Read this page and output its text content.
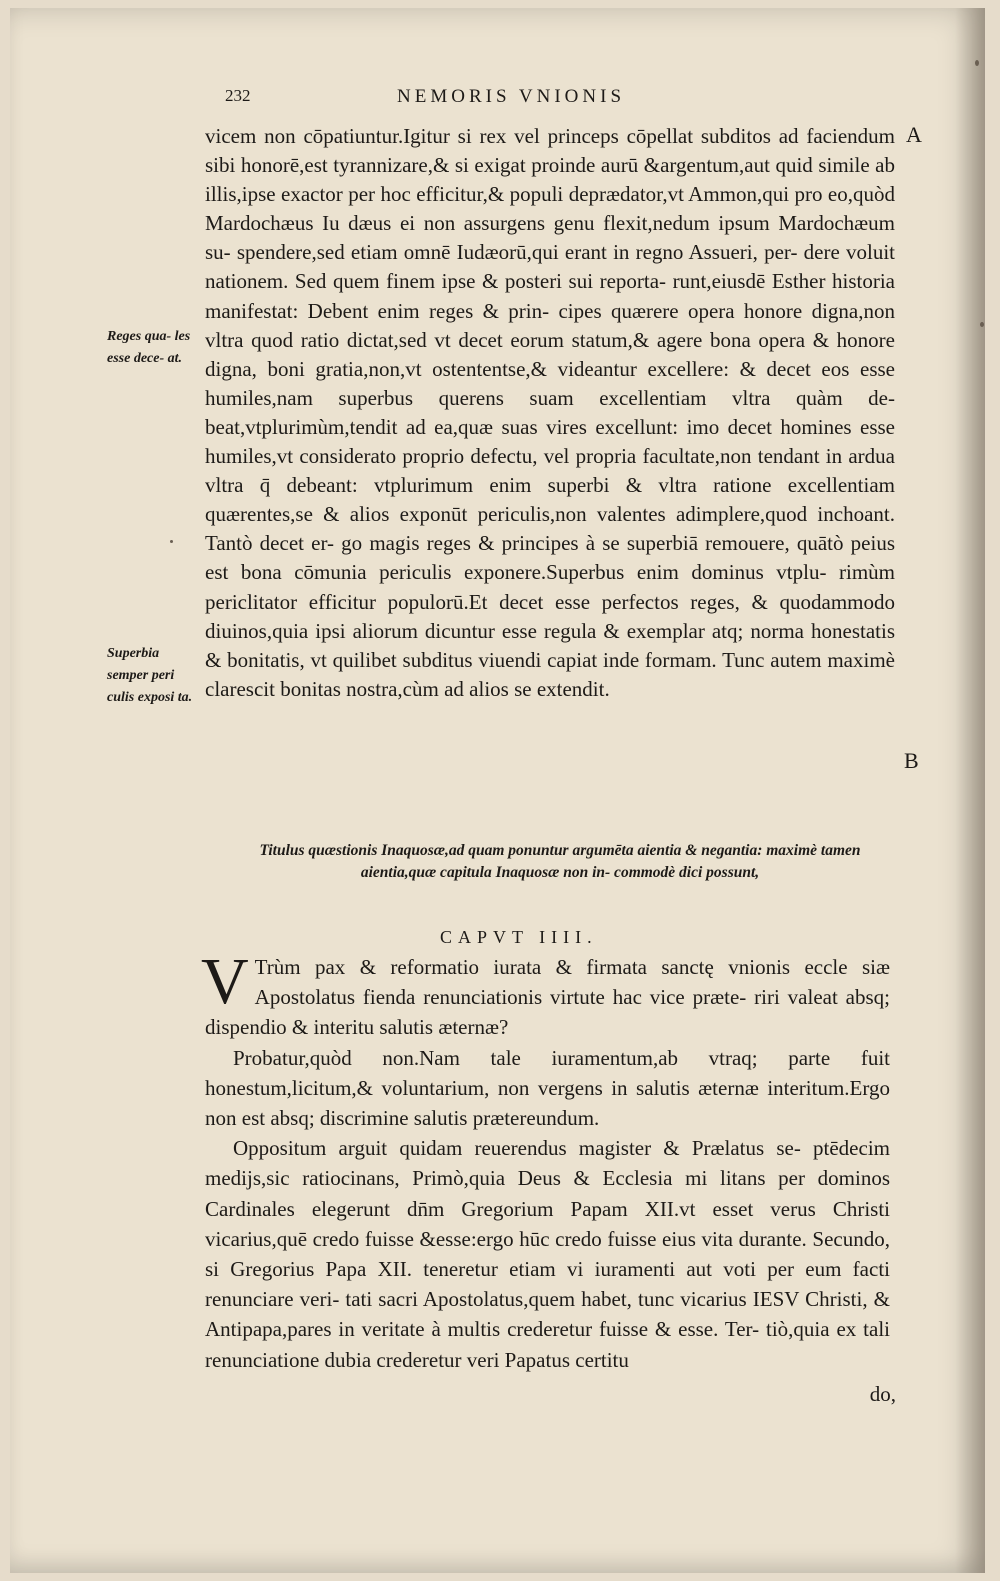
232	NEMORIS VNIONIS
A
B
Reges qua- les esse dece- at.
Superbia semper peri culis exposi ta.

vicem non cōpatiuntur.Igitur si rex vel princeps cōpellat subditos ad faciendum sibi honorē,est tyrannizare,& si exigat proinde aurū &argentum,aut quid simile ab illis,ipse exactor per hoc efficitur,& populi deprædator,vt Ammon,qui pro eo,quòd Mardochæus Iu dæus ei non assurgens genu flexit,nedum ipsum Mardochæum su- spendere,sed etiam omnē Iudæorū,qui erant in regno Assueri, per- dere voluit nationem. Sed quem finem ipse & posteri sui reporta- runt,eiusdē Esther historia manifestat: Debent enim reges & prin- cipes quærere opera honore digna,non vltra quod ratio dictat,sed vt decet eorum statum,& agere bona opera & honore digna, boni gratia,non,vt ostententse,& videantur excellere: & decet eos esse humiles,nam superbus querens suam excellentiam vltra quàm de- beat,vtplurimùm,tendit ad ea,quæ suas vires excellunt: imo decet homines esse humiles,vt considerato proprio defectu, vel propria facultate,non tendant in ardua vltra q̄ debeant: vtplurimum enim superbi & vltra ratione excellentiam quærentes,se & alios exponūt periculis,non valentes adimplere,quod inchoant. Tantò decet er- go magis reges & principes à se superbiā remouere, quātò peius est bona cōmunia periculis exponere.Superbus enim dominus vtplu- rimùm periclitator efficitur populorū.Et decet esse perfectos reges, & quodammodo diuinos,quia ipsi aliorum dicuntur esse regula & exemplar atq; norma honestatis & bonitatis, vt quilibet subditus viuendi capiat inde formam. Tunc autem maximè clarescit bonitas nostra,cùm ad alios se extendit.

Titulus quæstionis Inaquosæ,ad quam ponuntur argumēta aientia & negantia: maximè tamen aientia,quæ capitula Inaquosæ non in- commodè dici possunt,
CAPVT IIII.

V Trùm pax & reformatio iurata & firmata sanctę vnionis eccle siæ Apostolatus fienda renunciationis virtute hac vice præte- riri valeat absq; dispendio & interitu salutis æternæ?

Probatur,quòd non.Nam tale iuramentum,ab vtraq; parte fuit honestum,licitum,& voluntarium, non vergens in salutis æternæ interitum.Ergo non est absq; discrimine salutis prætereundum.

Oppositum arguit quidam reuerendus magister & Prælatus se- ptēdecim medijs,sic ratiocinans, Primò,quia Deus & Ecclesia mi litans per dominos Cardinales elegerunt dn̄m Gregorium Papam XII.vt esset verus Christi vicarius,quē credo fuisse &esse:ergo hūc credo fuisse eius vita durante. Secundo, si Gregorius Papa XII. teneretur etiam vi iuramenti aut voti per eum facti renunciare veri- tati sacri Apostolatus,quem habet, tunc vicarius IESV Christi, & Antipapa,pares in veritate à multis crederetur fuisse & esse. Ter- tiò,quia ex tali renunciatione dubia crederetur veri Papatus certitu

do,
